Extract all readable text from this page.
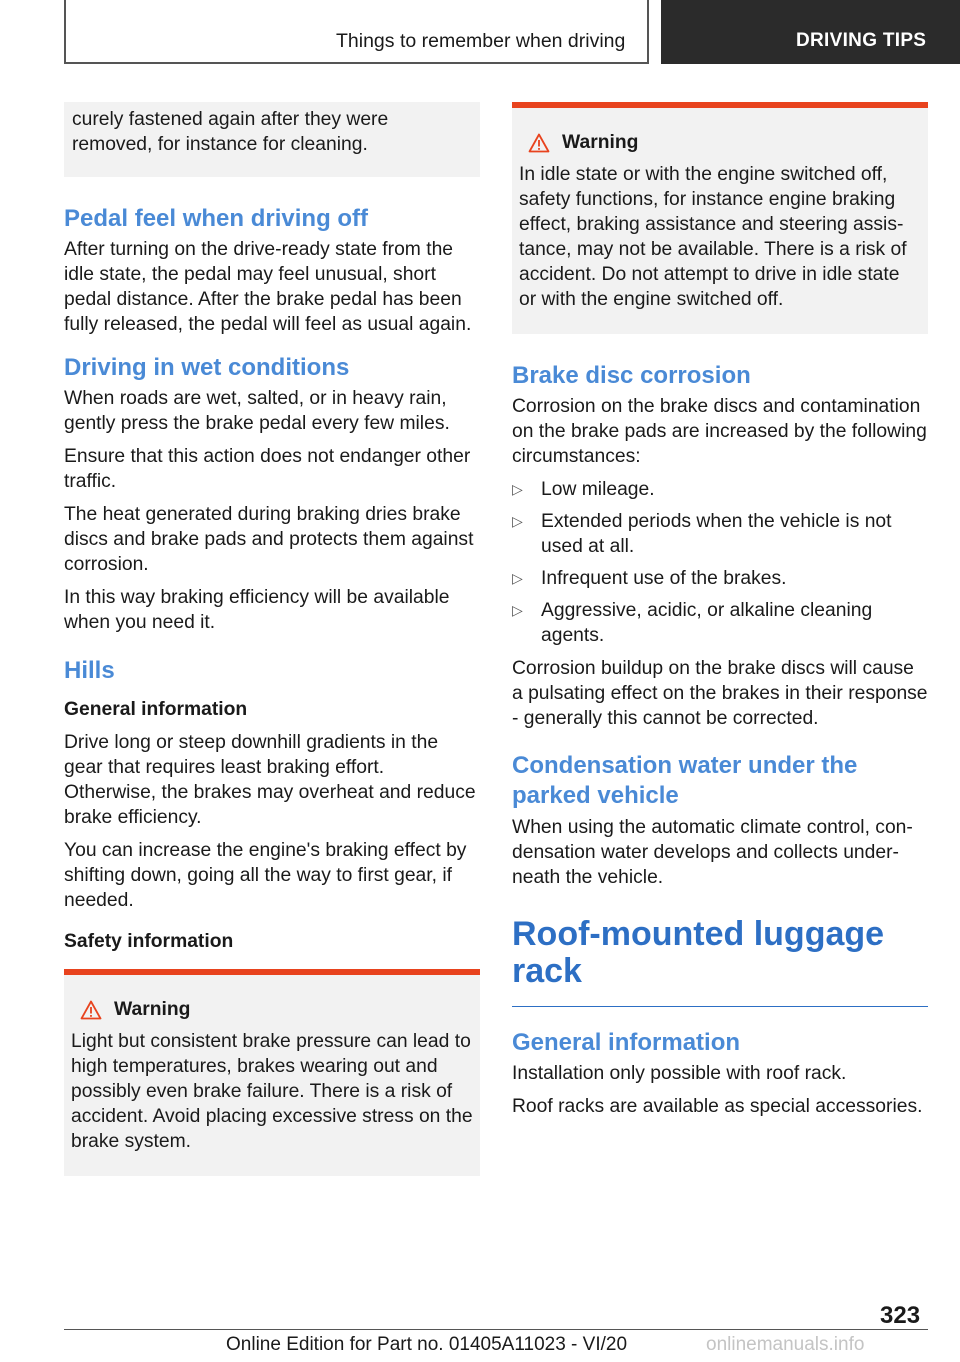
Things to remember when driving	DRIVING TIPS

curely fastened again after they were removed, for instance for cleaning.

Pedal feel when driving off

After turning on the drive-ready state from the idle state, the pedal may feel unusual, short pedal distance. After the brake pedal has been fully released, the pedal will feel as usual again.

Driving in wet conditions

When roads are wet, salted, or in heavy rain, gently press the brake pedal every few miles.

Ensure that this action does not endanger other traffic.

The heat generated during braking dries brake discs and brake pads and protects them against corrosion.

In this way braking efficiency will be available when you need it.

Hills
General information

Drive long or steep downhill gradients in the gear that requires least braking effort. Otherwise, the brakes may overheat and reduce brake efficiency.

You can increase the engine's braking effect by shifting down, going all the way to first gear, if needed.

Safety information
Warning

Light but consistent brake pressure can lead to high temperatures, brakes wearing out and possibly even brake failure. There is a risk of accident. Avoid placing excessive stress on the brake system.

Warning

In idle state or with the engine switched off, safety functions, for instance engine braking effect, braking assistance and steering assistance, may not be available. There is a risk of accident. Do not attempt to drive in idle state or with the engine switched off.

Brake disc corrosion

Corrosion on the brake discs and contamination on the brake pads are increased by the following circumstances:

▷ Low mileage.
▷ Extended periods when the vehicle is not used at all.
▷ Infrequent use of the brakes.
▷ Aggressive, acidic, or alkaline cleaning agents.

Corrosion buildup on the brake discs will cause a pulsating effect on the brakes in their response - generally this cannot be corrected.

Condensation water under the parked vehicle

When using the automatic climate control, condensation water develops and collects underneath the vehicle.

Roof-mounted luggage rack
General information

Installation only possible with roof rack.

Roof racks are available as special accessories.

323
Online Edition for Part no. 01405A11023 - VI/20	onlinemanuals.info
